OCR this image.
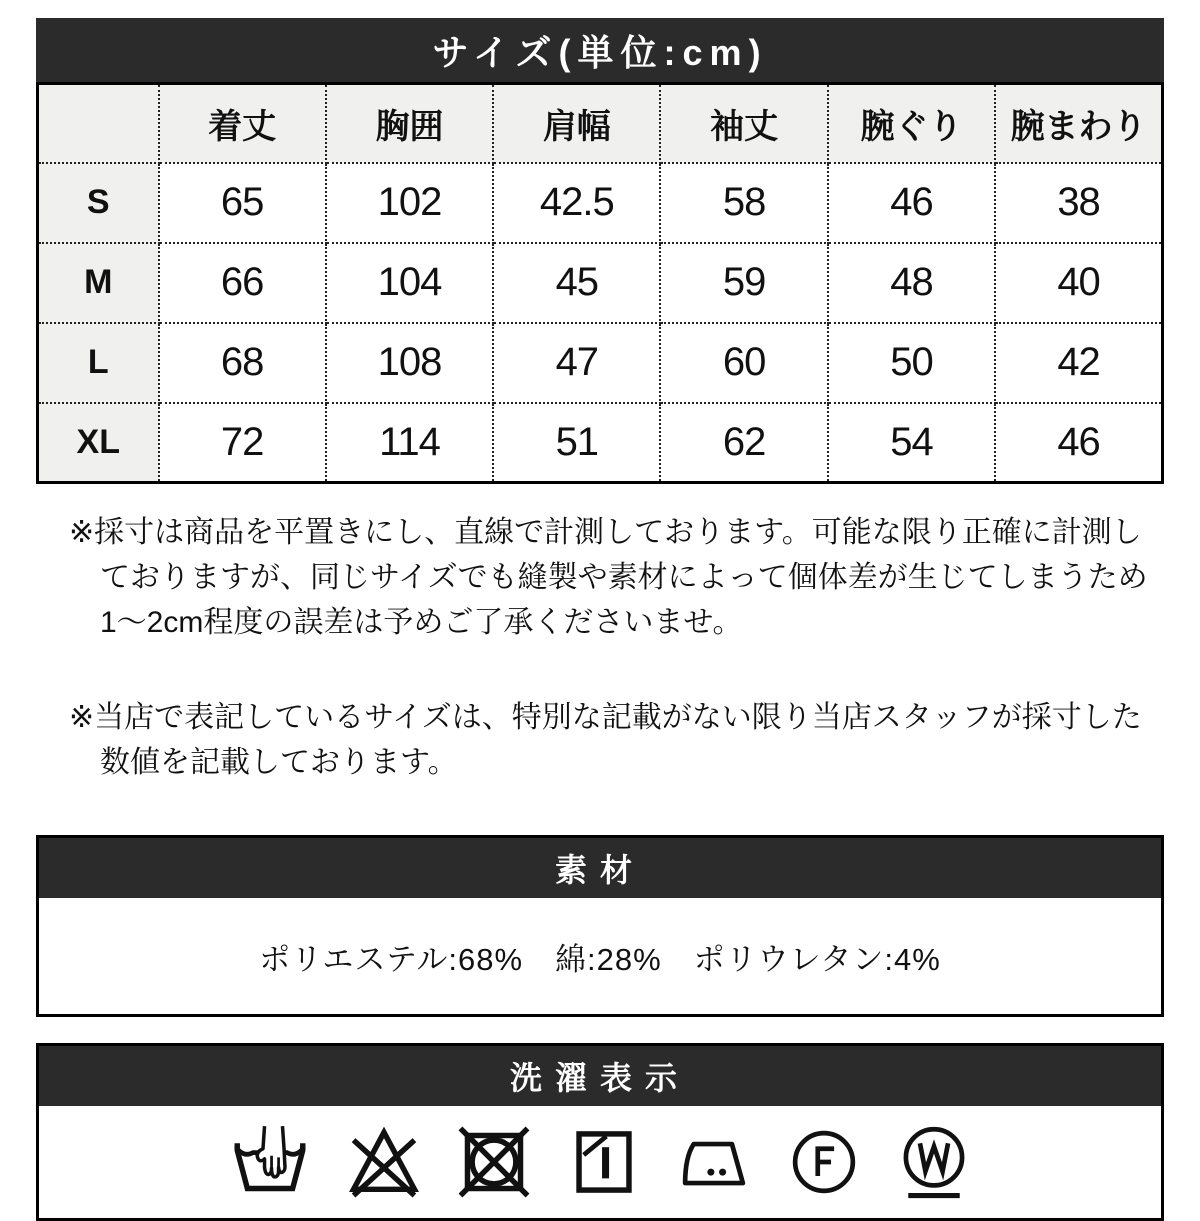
サイズ(単位:cm)
	着丈	胸囲	肩幅	袖丈	腕ぐり	腕まわり
S	65	102	42.5	58	46	38
M	66	104	45	59	48	40
L	68	108	47	60	50	42
XL	72	114	51	62	54	46

※採寸は商品を平置きにし、直線で計測しております。可能な限り正確に計測しておりますが、同じサイズでも縫製や素材によって個体差が生じてしまうため1〜2cm程度の誤差は予めご了承くださいませ。

※当店で表記しているサイズは、特別な記載がない限り当店スタッフが採寸した数値を記載しております。

素材
ポリエステル:68%　綿:28%　ポリウレタン:4%
洗濯表示
